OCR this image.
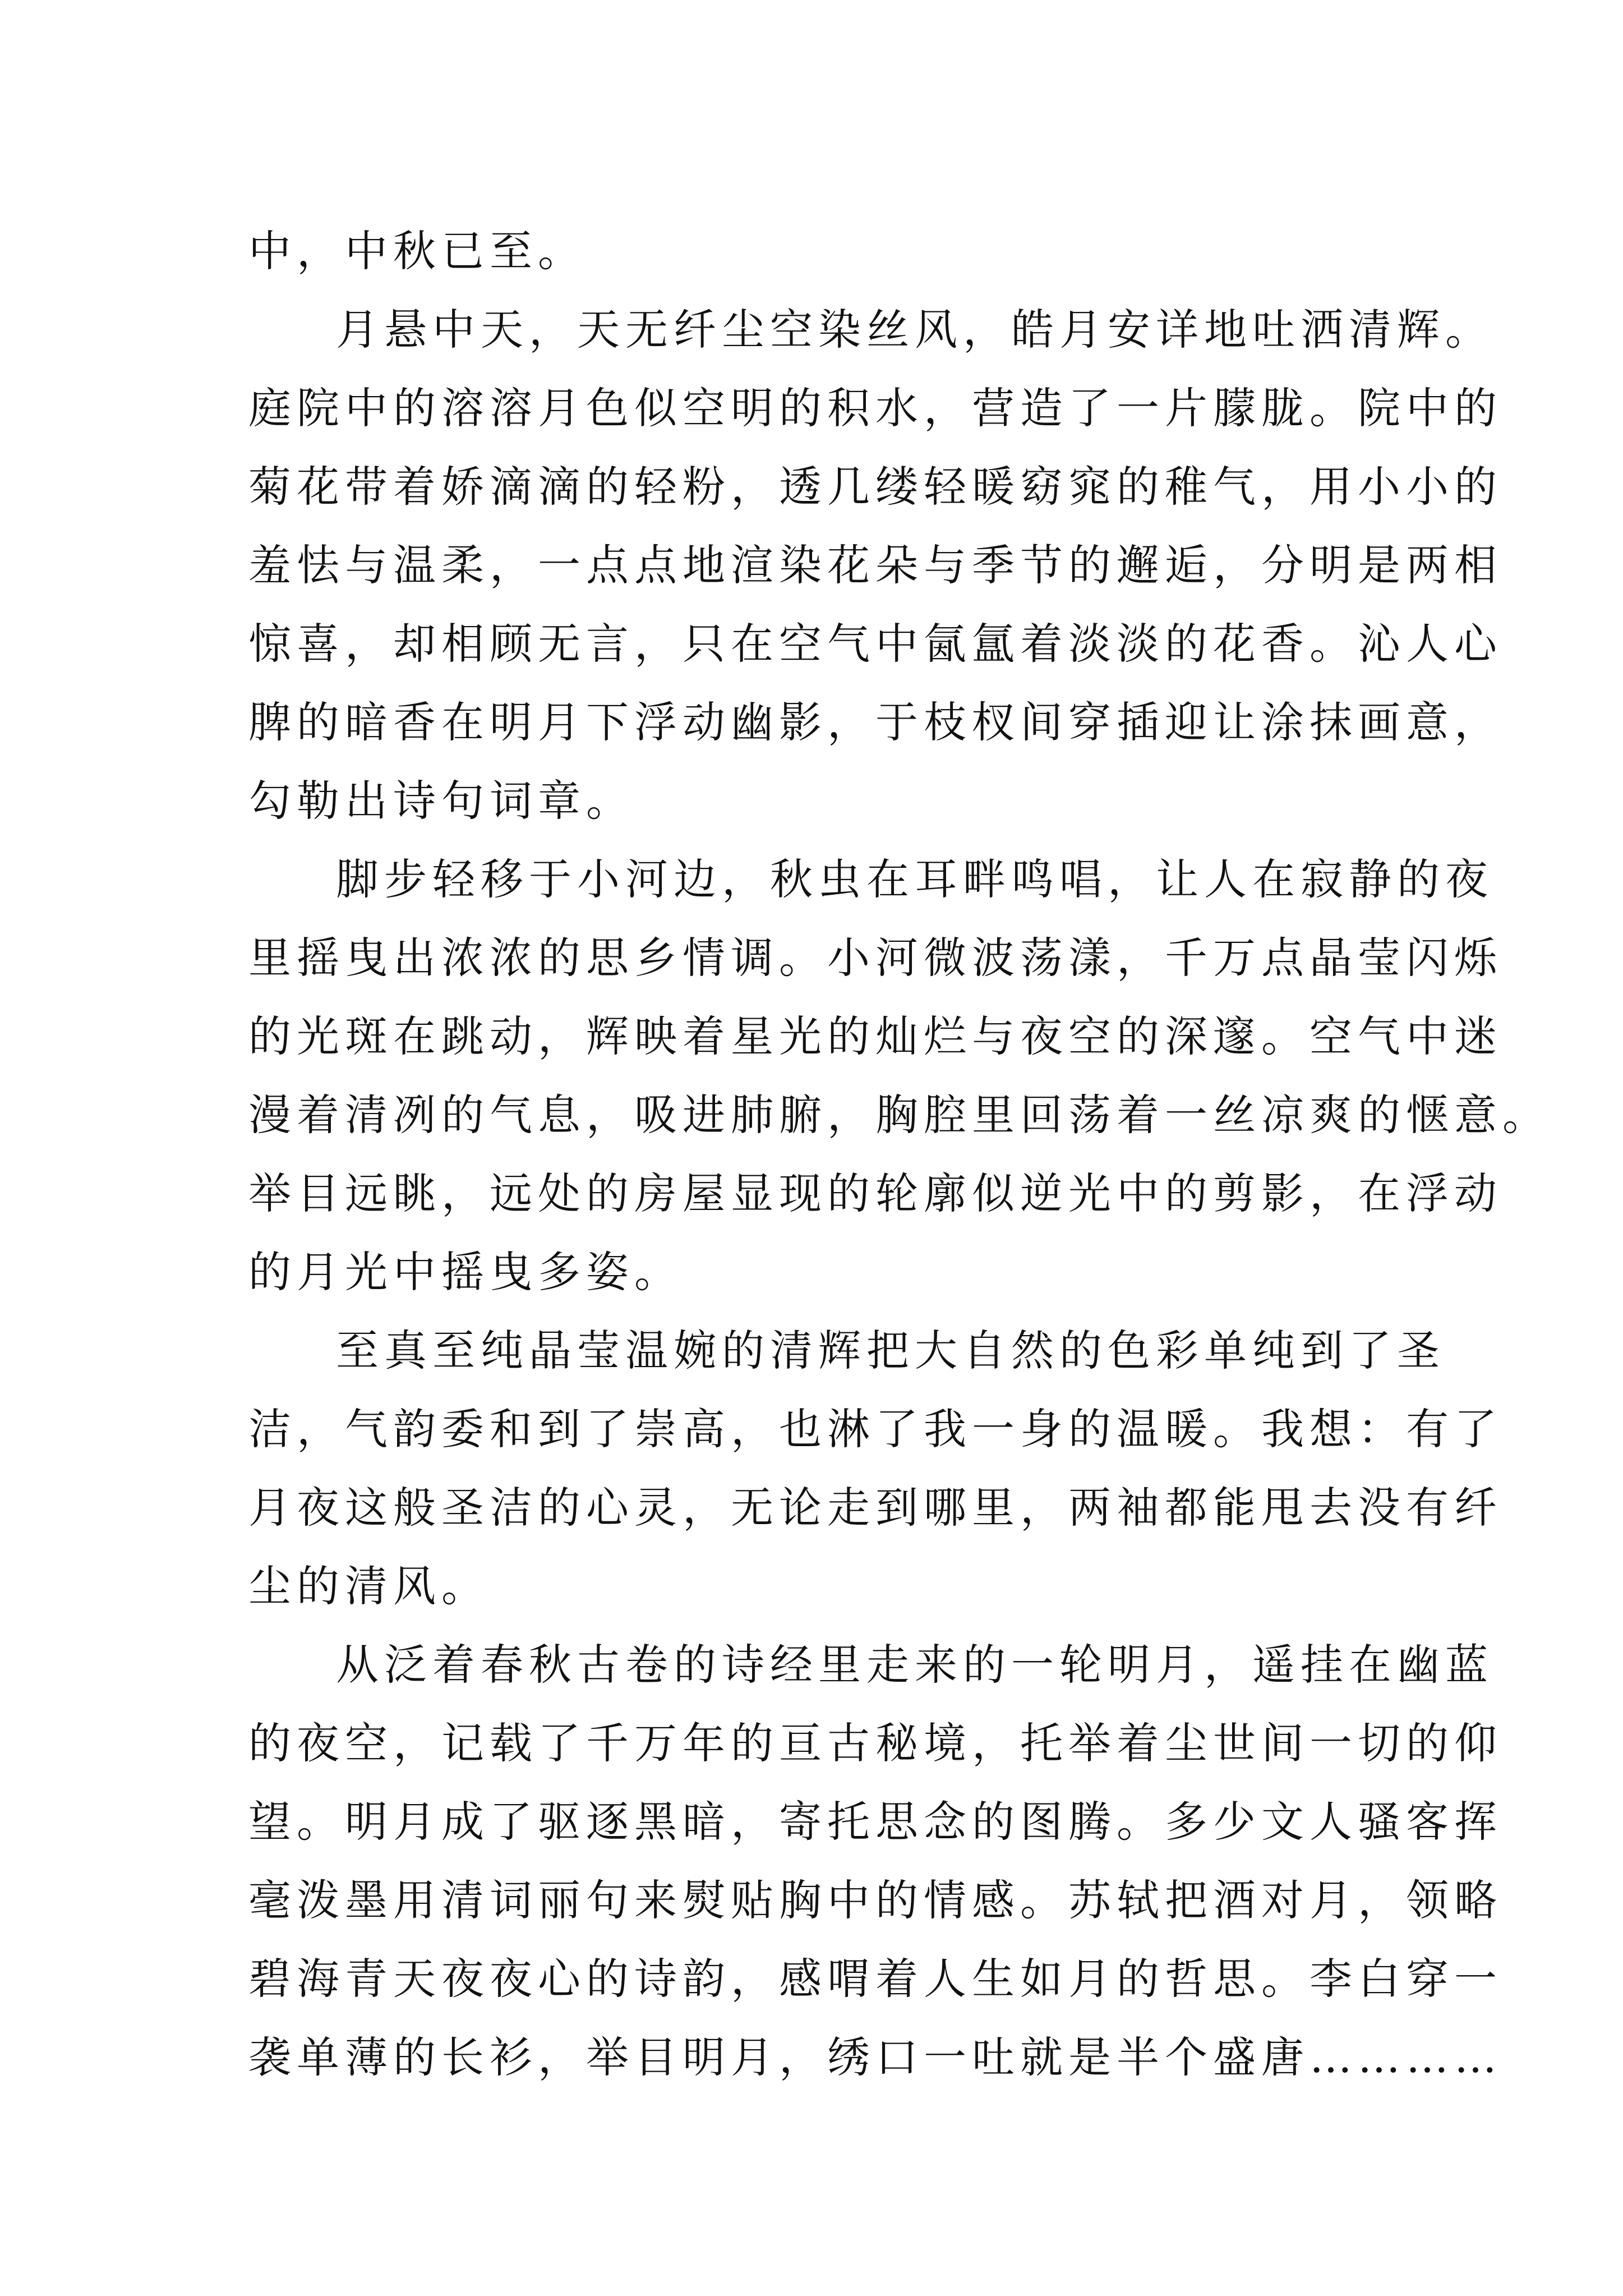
中，中秋已至。
月悬中天，天无纤尘空染丝风，皓月安详地吐洒清辉。
庭院中的溶溶月色似空明的积水，营造了一片朦胧。院中的
菊花带着娇滴滴的轻粉，透几缕轻暖窈窕的稚气，用小小的
羞怯与温柔，一点点地渲染花朵与季节的邂逅，分明是两相
惊喜，却相顾无言，只在空气中氤氲着淡淡的花香。沁人心
脾的暗香在明月下浮动幽影，于枝杈间穿插迎让涂抹画意，
勾勒出诗句词章。
脚步轻移于小河边，秋虫在耳畔鸣唱，让人在寂静的夜
里摇曳出浓浓的思乡情调。小河微波荡漾，千万点晶莹闪烁
的光斑在跳动，辉映着星光的灿烂与夜空的深邃。空气中迷
漫着清冽的气息，吸进肺腑，胸腔里回荡着一丝凉爽的惬意。
举目远眺，远处的房屋显现的轮廓似逆光中的剪影，在浮动
的月光中摇曳多姿。
至真至纯晶莹温婉的清辉把大自然的色彩单纯到了圣
洁，气韵委和到了崇高，也淋了我一身的温暖。我想：有了
月夜这般圣洁的心灵，无论走到哪里，两袖都能甩去没有纤
尘的清风。
从泛着春秋古卷的诗经里走来的一轮明月，遥挂在幽蓝
的夜空，记载了千万年的亘古秘境，托举着尘世间一切的仰
望。明月成了驱逐黑暗，寄托思念的图腾。多少文人骚客挥
毫泼墨用清词丽句来熨贴胸中的情感。苏轼把酒对月，领略
碧海青天夜夜心的诗韵，感喟着人生如月的哲思。李白穿一
袭单薄的长衫，举目明月，绣口一吐就是半个盛唐…………
